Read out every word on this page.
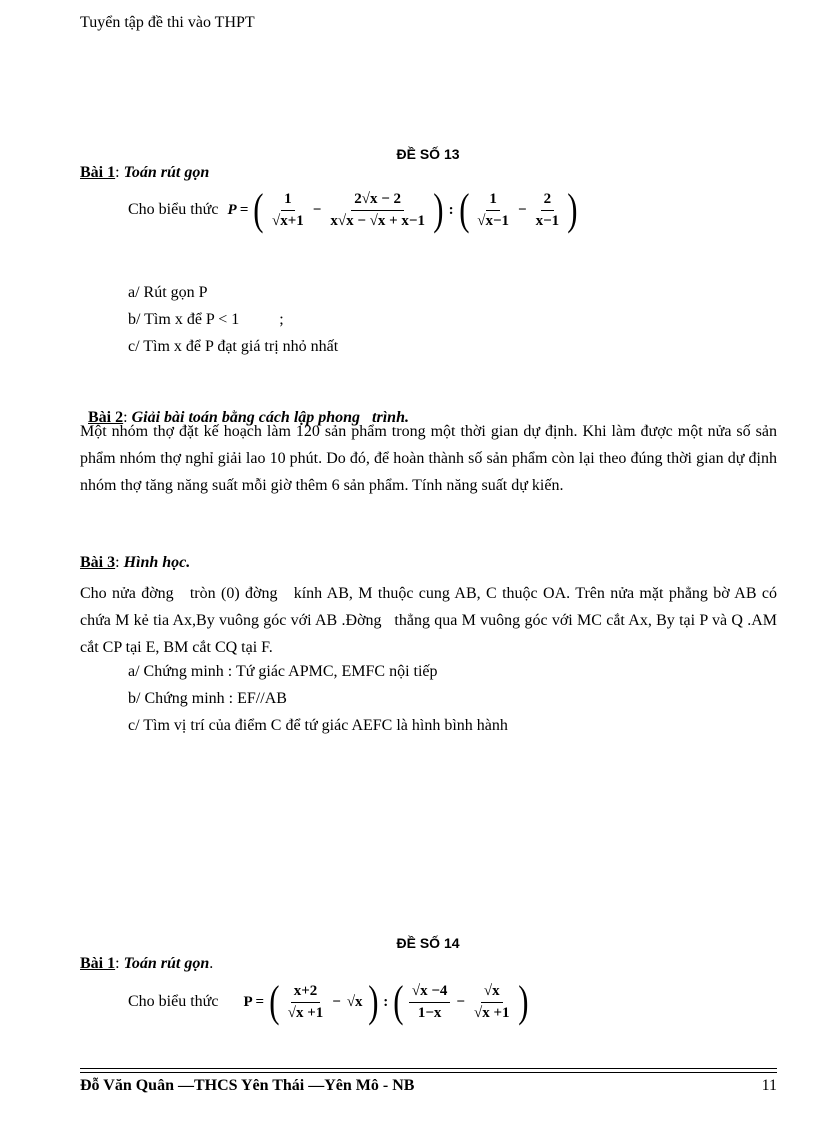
Tuyển tập đề thi vào THPT
ĐỀ SỐ 13
Bài 1: Toán rút gọn
Cho biểu thức P = ( $\frac{1}{√x+1} - \frac{2√x - 2}{x√x - √x + x-1}$ ) : ( $\frac{1}{√x-1} - \frac{2}{x-1}$ )
a/ Rút gọn P
b/ Tìm x để P < 1          ;
c/ Tìm x để P đạt giá trị nhỏ nhất

Bài 2: Giải bài toán bằng cách lập phong   trình.

Một nhóm thợ đặt kế hoạch làm 120 sản phẩm trong một thời gian dự định. Khi làm được một nửa số sản phẩm nhóm thợ nghỉ giải lao 10 phút. Do đó, để hoàn thành số sản phẩm còn lại theo đúng thời gian dự định nhóm thợ tăng năng suất mỗi giờ thêm 6 sản phẩm. Tính năng suất dự kiến.
Bài 3: Hình học.
Cho nửa đờng   tròn (0) đờng   kính AB, M thuộc cung AB, C thuộc OA. Trên nửa mặt phẳng bờ AB có chứa M kẻ tia Ax,By vuông góc với AB .Đờng   thẳng qua M vuông góc với MC cắt Ax, By tại P và Q .AM cắt CP tại E, BM cắt CQ tại F.
a/ Chứng minh : Tứ giác APMC, EMFC nội tiếp
b/ Chứng minh : EF//AB
c/ Tìm vị trí của điểm C để tứ giác AEFC là hình bình hành
ĐỀ SỐ 14
Bài 1: Toán rút gọn.
Cho biểu thức P = ( $\frac{x+2}{√x +1} - √x$ ) : ( $\frac{√x -4}{1-x} - \frac{√x}{√x +1}$ )
Đỗ Văn Quân —THCS Yên Thái —Yên Mô - NB	11
